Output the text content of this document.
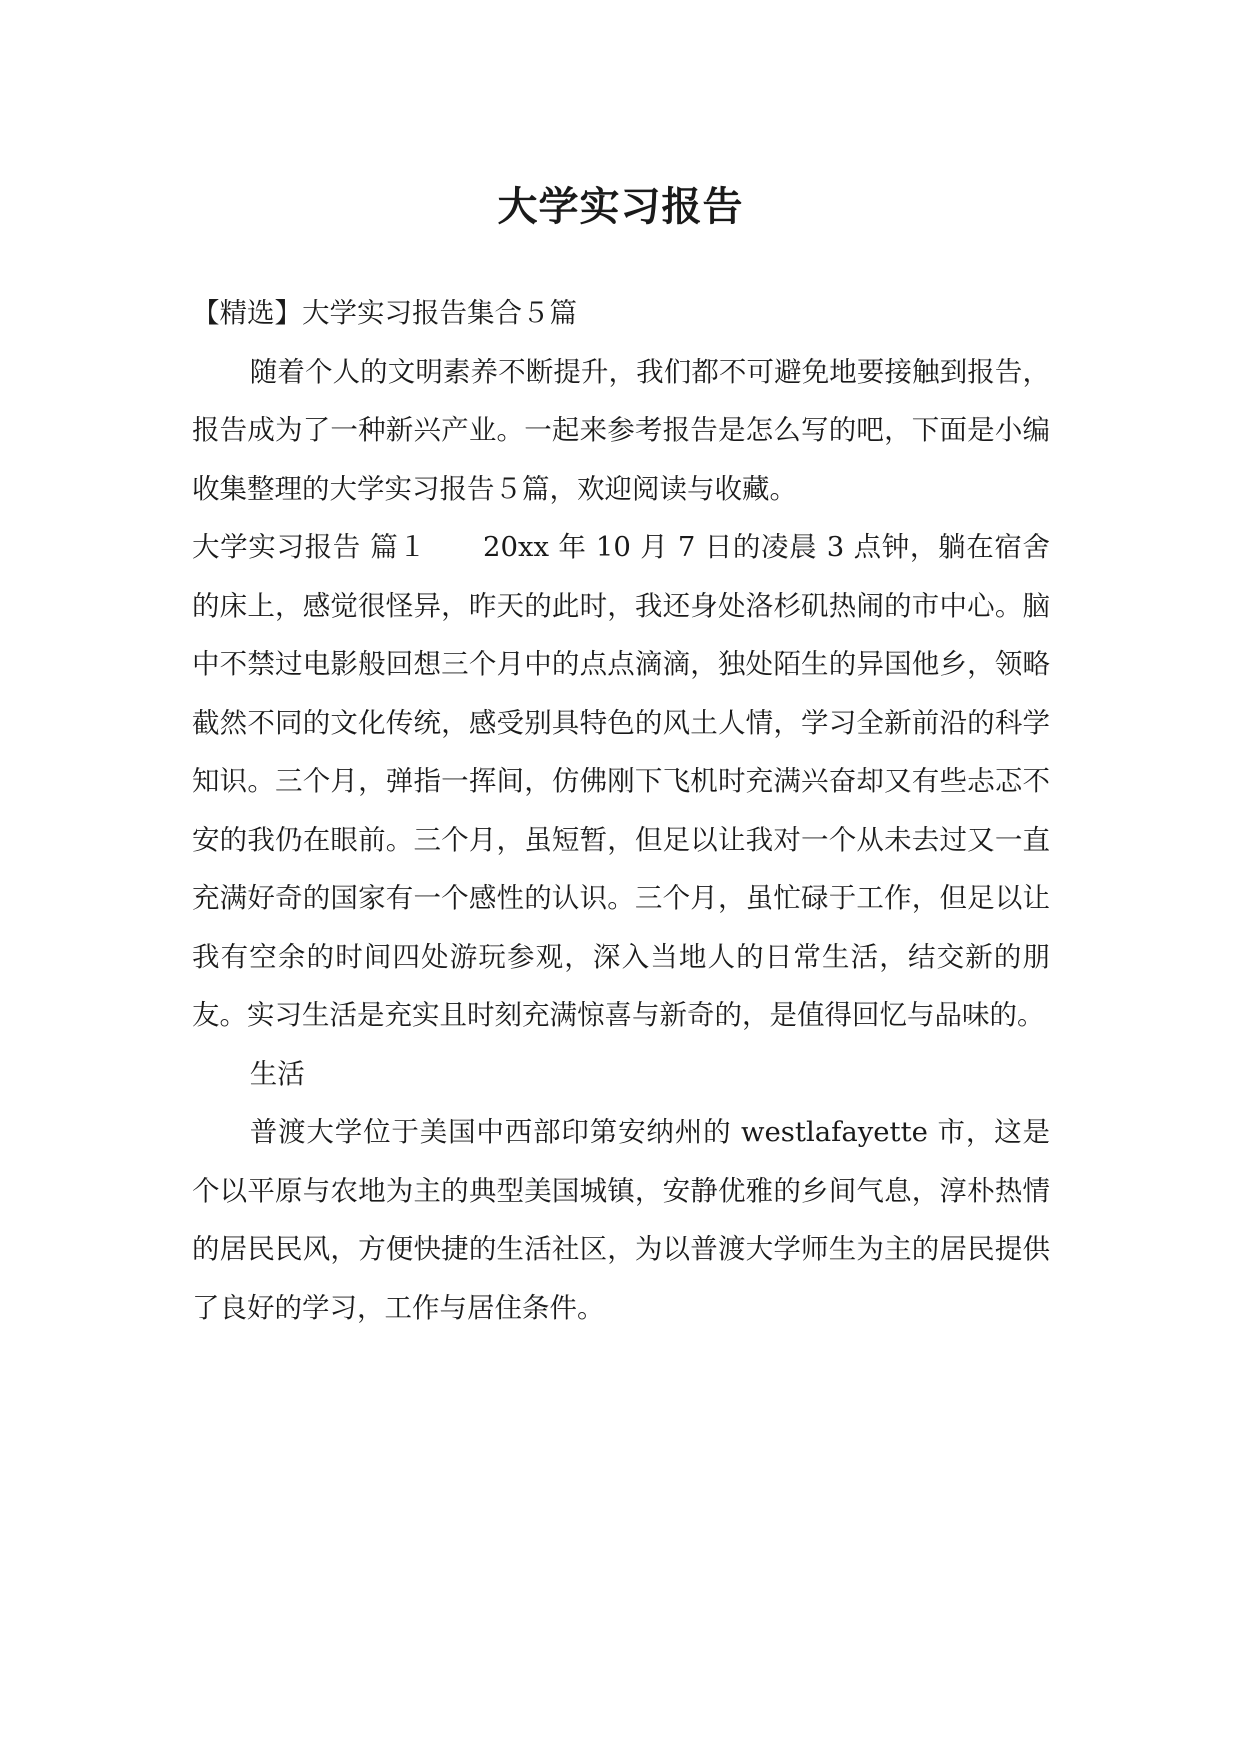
大学实习报告

【精选】大学实习报告集合５篇

随着个人的文明素养不断提升，我们都不可避免地要接触到报告，报告成为了一种新兴产业。一起来参考报告是怎么写的吧，下面是小编收集整理的大学实习报告５篇，欢迎阅读与收藏。

大学实习报告 篇１ 20xx 年 10 月 7 日的凌晨 3 点钟，躺在宿舍的床上，感觉很怪异，昨天的此时，我还身处洛杉矶热闹的市中心。脑中不禁过电影般回想三个月中的点点滴滴，独处陌生的异国他乡，领略截然不同的文化传统，感受别具特色的风土人情，学习全新前沿的科学知识。三个月，弹指一挥间，仿佛刚下飞机时充满兴奋却又有些忐忑不安的我仍在眼前。三个月，虽短暂，但足以让我对一个从未去过又一直充满好奇的国家有一个感性的认识。三个月，虽忙碌于工作，但足以让我有空余的时间四处游玩参观，深入当地人的日常生活，结交新的朋友。实习生活是充实且时刻充满惊喜与新奇的，是值得回忆与品味的。

生活

普渡大学位于美国中西部印第安纳州的 westlafayette 市，这是个以平原与农地为主的典型美国城镇，安静优雅的乡间气息，淳朴热情的居民民风，方便快捷的生活社区，为以普渡大学师生为主的居民提供了良好的学习，工作与居住条件。
